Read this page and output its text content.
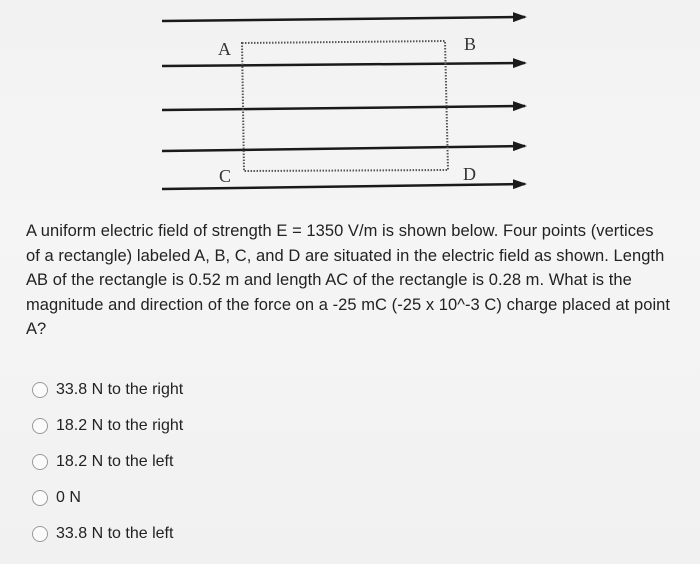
A	B
C	D

A uniform electric field of strength E = 1350 V/m is shown below. Four points (vertices of a rectangle) labeled A, B, C, and D are situated in the electric field as shown. Length AB of the rectangle is 0.52 m and length AC of the rectangle is 0.28 m. What is the magnitude and direction of the force on a -25 mC (-25 x 10^-3 C) charge placed at point A?

33.8 N to the right
18.2 N to the right
18.2 N to the left
0 N
33.8 N to the left
